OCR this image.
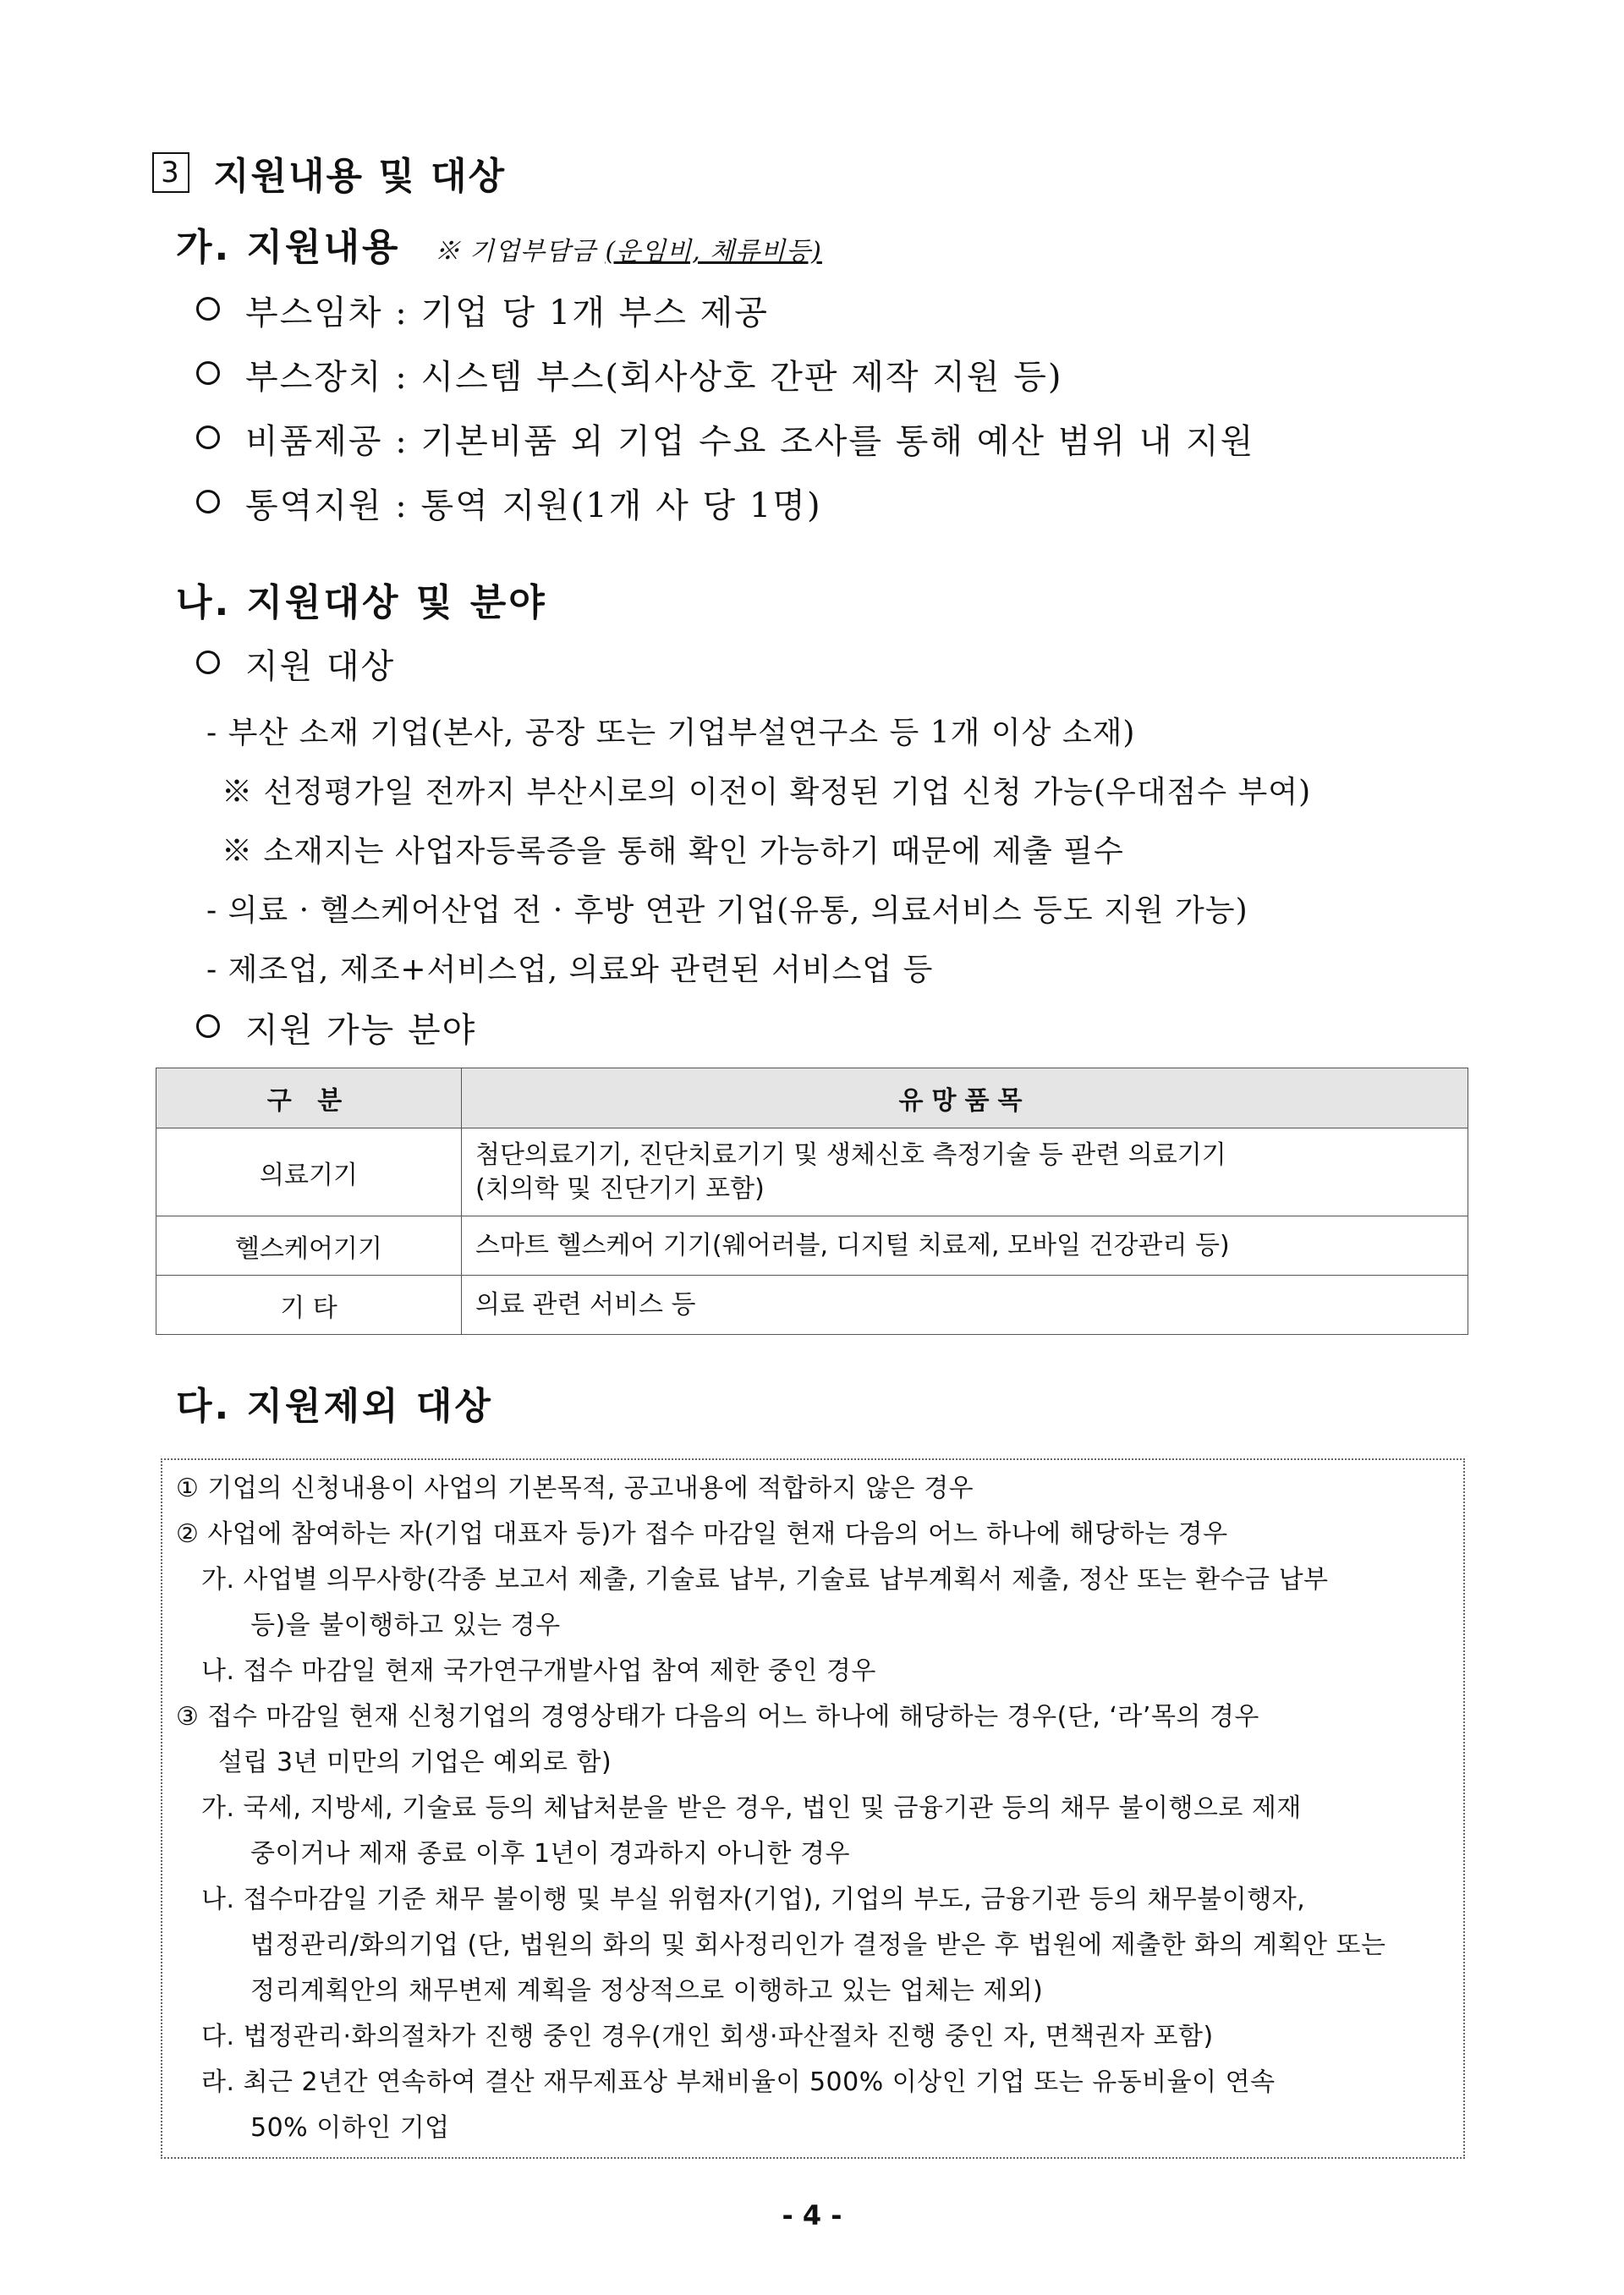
3 지원내용 및 대상
가. 지원내용 ※ 기업부담금 (운임비, 체류비등)
부스임차 : 기업 당 1개 부스 제공
부스장치 : 시스템 부스(회사상호 간판 제작 지원 등)
비품제공 : 기본비품 외 기업 수요 조사를 통해 예산 범위 내 지원
통역지원 : 통역 지원(1개 사 당 1명)
나. 지원대상 및 분야
지원 대상
- 부산 소재 기업(본사, 공장 또는 기업부설연구소 등 1개 이상 소재)
※ 선정평가일 전까지 부산시로의 이전이 확정된 기업 신청 가능(우대점수 부여)
※ 소재지는 사업자등록증을 통해 확인 가능하기 때문에 제출 필수
- 의료 · 헬스케어산업 전 · 후방 연관 기업(유통, 의료서비스 등도 지원 가능)
- 제조업, 제조+서비스업, 의료와 관련된 서비스업 등
지원 가능 분야
구 분	유망품목
의료기기	첨단의료기기, 진단치료기기 및 생체신호 측정기술 등 관련 의료기기
(치의학 및 진단기기 포함)

헬스케어기기	스마트 헬스케어 기기(웨어러블, 디지털 치료제, 모바일 건강관리 등)
기 타	의료 관련 서비스 등
다. 지원제외 대상
① 기업의 신청내용이 사업의 기본목적, 공고내용에 적합하지 않은 경우
② 사업에 참여하는 자(기업 대표자 등)가 접수 마감일 현재 다음의 어느 하나에 해당하는 경우
가. 사업별 의무사항(각종 보고서 제출, 기술료 납부, 기술료 납부계획서 제출, 정산 또는 환수금 납부
등)을 불이행하고 있는 경우
나. 접수 마감일 현재 국가연구개발사업 참여 제한 중인 경우
③ 접수 마감일 현재 신청기업의 경영상태가 다음의 어느 하나에 해당하는 경우(단, ‘라’목의 경우
설립 3년 미만의 기업은 예외로 함)
가. 국세, 지방세, 기술료 등의 체납처분을 받은 경우, 법인 및 금융기관 등의 채무 불이행으로 제재
중이거나 제재 종료 이후 1년이 경과하지 아니한 경우
나. 접수마감일 기준 채무 불이행 및 부실 위험자(기업), 기업의 부도, 금융기관 등의 채무불이행자,
법정관리/화의기업 (단, 법원의 화의 및 회사정리인가 결정을 받은 후 법원에 제출한 화의 계획안 또는
정리계획안의 채무변제 계획을 정상적으로 이행하고 있는 업체는 제외)
다. 법정관리·화의절차가 진행 중인 경우(개인 회생·파산절차 진행 중인 자, 면책권자 포함)
라. 최근 2년간 연속하여 결산 재무제표상 부채비율이 500% 이상인 기업 또는 유동비율이 연속
50% 이하인 기업
- 4 -
